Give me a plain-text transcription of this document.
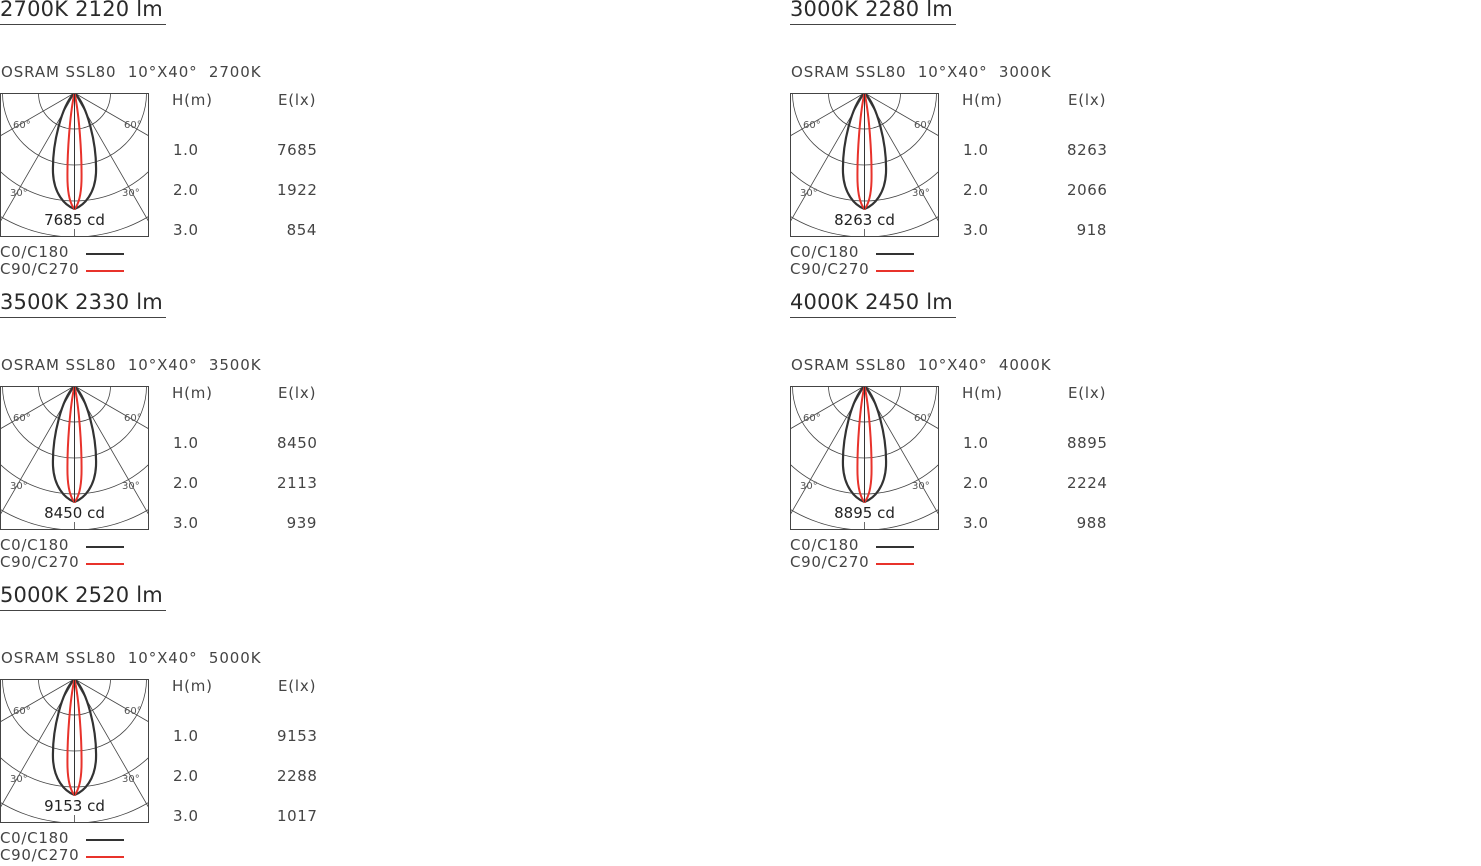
2700K 2120 lm
OSRAM SSL80  10°X40°  2700K
60°	60°
30°	30°
7685 cd
H(m)	E(lx)
1.0	7685
2.0	1922
3.0	854
C0/C180
C90/C270
3000K 2280 lm
OSRAM SSL80  10°X40°  3000K
60°	60°
30°	30°
8263 cd
H(m)	E(lx)
1.0	8263
2.0	2066
3.0	918
C0/C180
C90/C270
3500K 2330 lm
OSRAM SSL80  10°X40°  3500K
60°	60°
30°	30°
8450 cd
H(m)	E(lx)
1.0	8450
2.0	2113
3.0	939
C0/C180
C90/C270
4000K 2450 lm
OSRAM SSL80  10°X40°  4000K
60°	60°
30°	30°
8895 cd
H(m)	E(lx)
1.0	8895
2.0	2224
3.0	988
C0/C180
C90/C270
5000K 2520 lm
OSRAM SSL80  10°X40°  5000K
60°	60°
30°	30°
9153 cd
H(m)	E(lx)
1.0	9153
2.0	2288
3.0	1017
C0/C180
C90/C270
